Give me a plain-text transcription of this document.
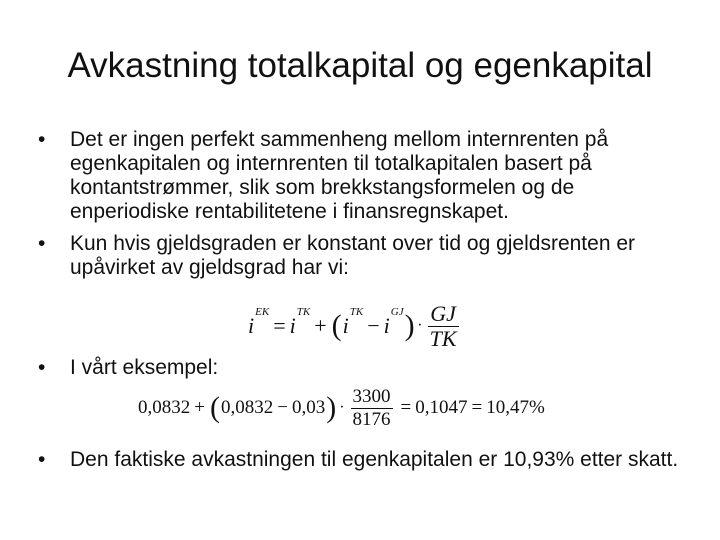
Avkastning totalkapital og egenkapital
• Det er ingen perfekt sammenheng mellom internrenten på egenkapitalen og internrenten til totalkapitalen basert på kontantstrømmer, slik som brekkstangsformelen og de enperiodiske rentabilitetene i finansregnskapet.
• Kun hvis gjeldsgraden er konstant over tid og gjeldsrenten er upåvirket av gjeldsgrad har vi:
$i^{EK}$
= $i^{TK}$
+ ( $i^{TK}$
− $i^{GJ}$ ) · $\frac{GJ}{TK}$
• I vårt eksempel:
0,0832 + ( 0,0832 − 0,03 ) · $\frac{3300}{8176} = 0,1047 = 10,47\%$
• Den faktiske avkastningen til egenkapitalen er 10,93% etter skatt.
